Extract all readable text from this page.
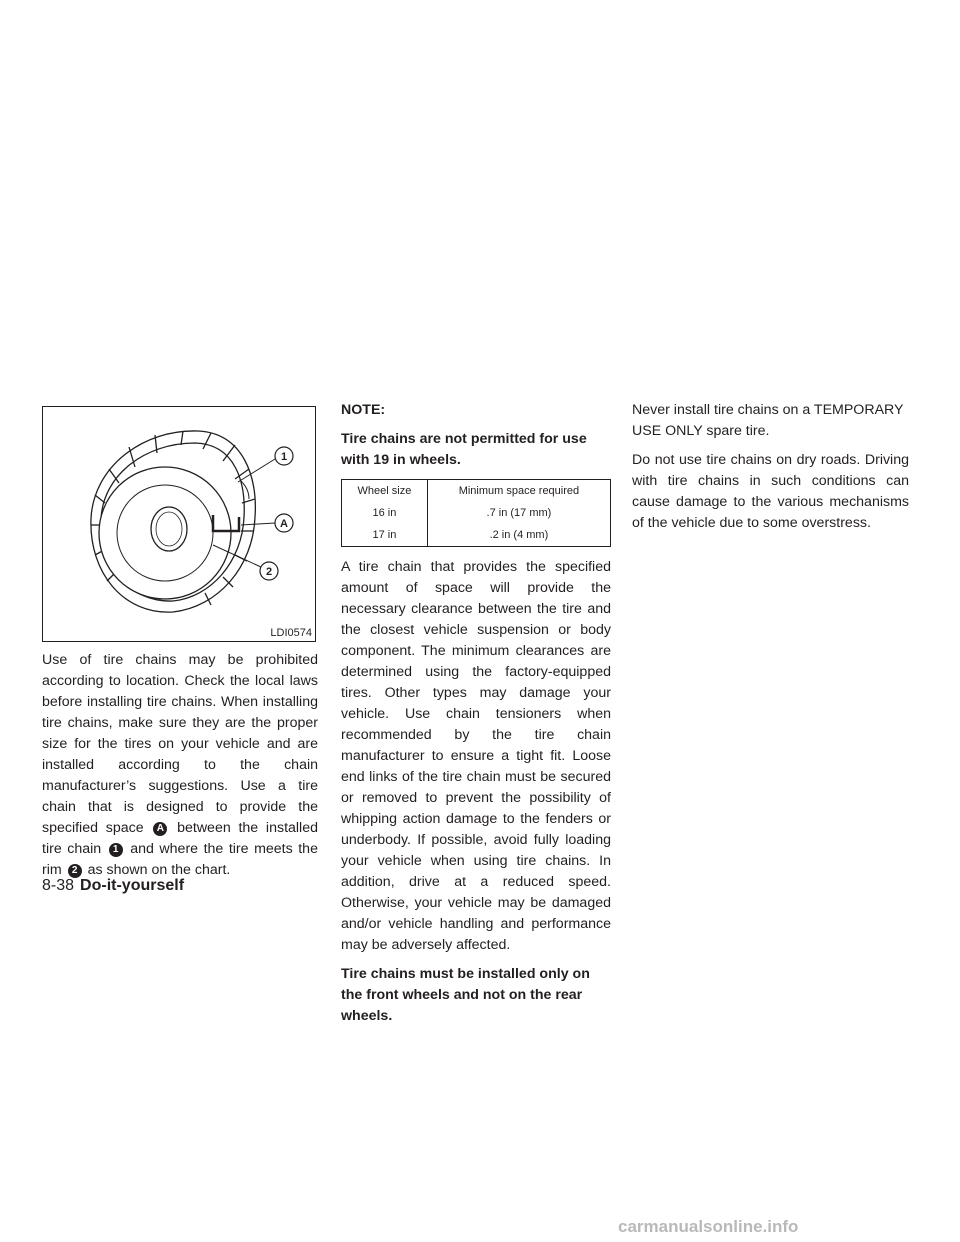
1
A
2
LDI0574

Use of tire chains may be prohibited according to location. Check the local laws before installing tire chains. When installing tire chains, make sure they are the proper size for the tires on your vehicle and are installed according to the chain manufacturer’s suggestions. Use a tire chain that is designed to provide the specified space A between the installed tire chain 1 and where the tire meets the rim 2 as shown on the chart.

NOTE:

Tire chains are not permitted for use with 19 in wheels.

Wheel size	Minimum space required
16 in	.7 in (17 mm)
17 in	.2 in (4 mm)

A tire chain that provides the specified amount of space will provide the necessary clearance between the tire and the closest vehicle suspension or body component. The minimum clearances are determined using the factory-equipped tires. Other types may damage your vehicle. Use chain tensioners when recommended by the tire chain manufacturer to ensure a tight fit. Loose end links of the tire chain must be secured or removed to prevent the possibility of whipping action damage to the fenders or underbody. If possible, avoid fully loading your vehicle when using tire chains. In addition, drive at a reduced speed. Otherwise, your vehicle may be damaged and/or vehicle handling and performance may be adversely affected.

Tire chains must be installed only on the front wheels and not on the rear wheels.

Never install tire chains on a TEMPORARY USE ONLY spare tire.

Do not use tire chains on dry roads. Driving with tire chains in such conditions can cause damage to the various mechanisms of the vehicle due to some overstress.

8-38 Do-it-yourself
carmanualsonline.info
